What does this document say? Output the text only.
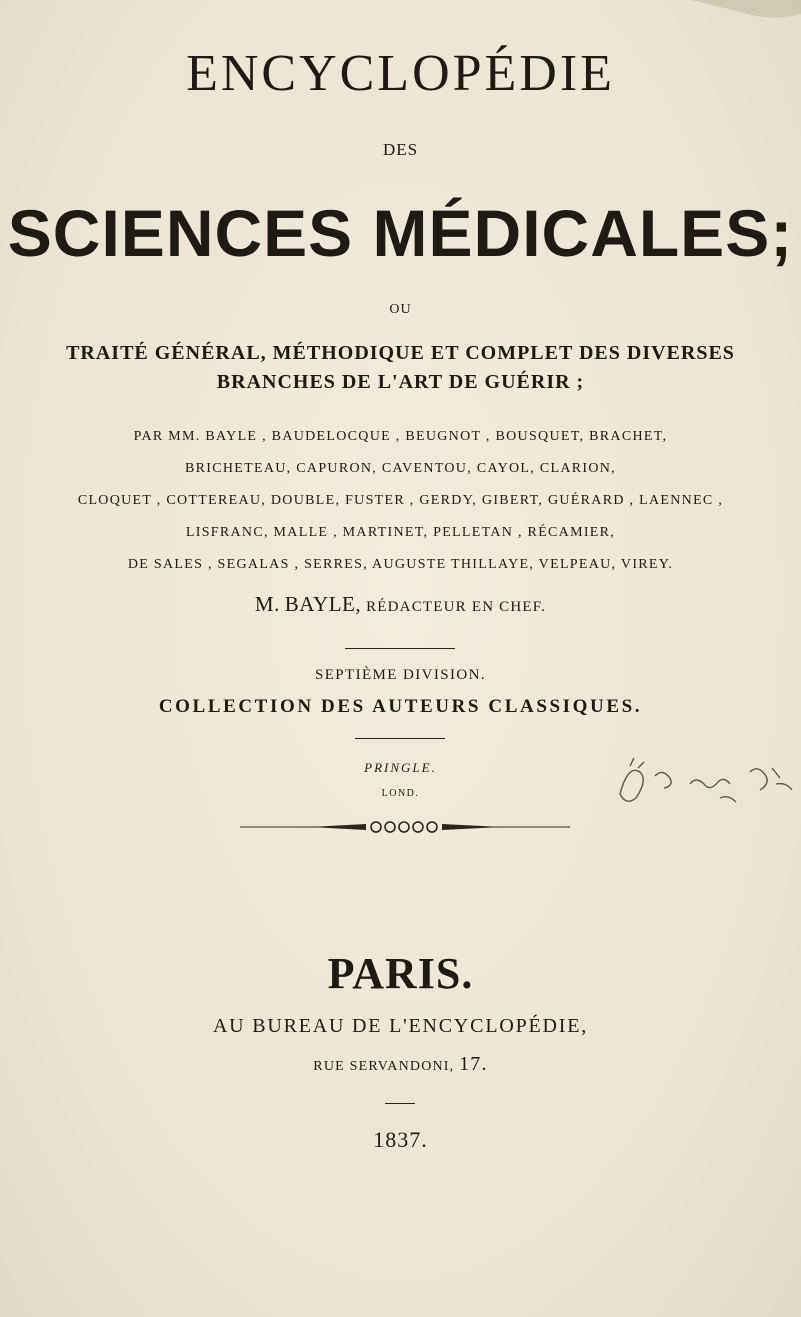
ENCYCLOPÉDIE
DES
SCIENCES MÉDICALES;
OU
TRAITÉ GÉNÉRAL, MÉTHODIQUE ET COMPLET DES DIVERSES
BRANCHES DE L'ART DE GUÉRIR ;
PAR MM. BAYLE , BAUDELOCQUE , BEUGNOT , BOUSQUET, BRACHET,
BRICHETEAU, CAPURON, CAVENTOU, CAYOL, CLARION,
CLOQUET , COTTEREAU, DOUBLE, FUSTER , GERDY, GIBERT, GUÉRARD , LAENNEC ,
LISFRANC, MALLE , MARTINET, PELLETAN , RÉCAMIER,
DE SALES , SEGALAS , SERRES, AUGUSTE THILLAYE, VELPEAU, VIREY.
M. BAYLE, RÉDACTEUR EN CHEF.
SEPTIÈME DIVISION.
COLLECTION DES AUTEURS CLASSIQUES.
PRINGLE.
LOND.
PARIS.
AU BUREAU DE L'ENCYCLOPÉDIE,
RUE SERVANDONI, 17.
1837.
